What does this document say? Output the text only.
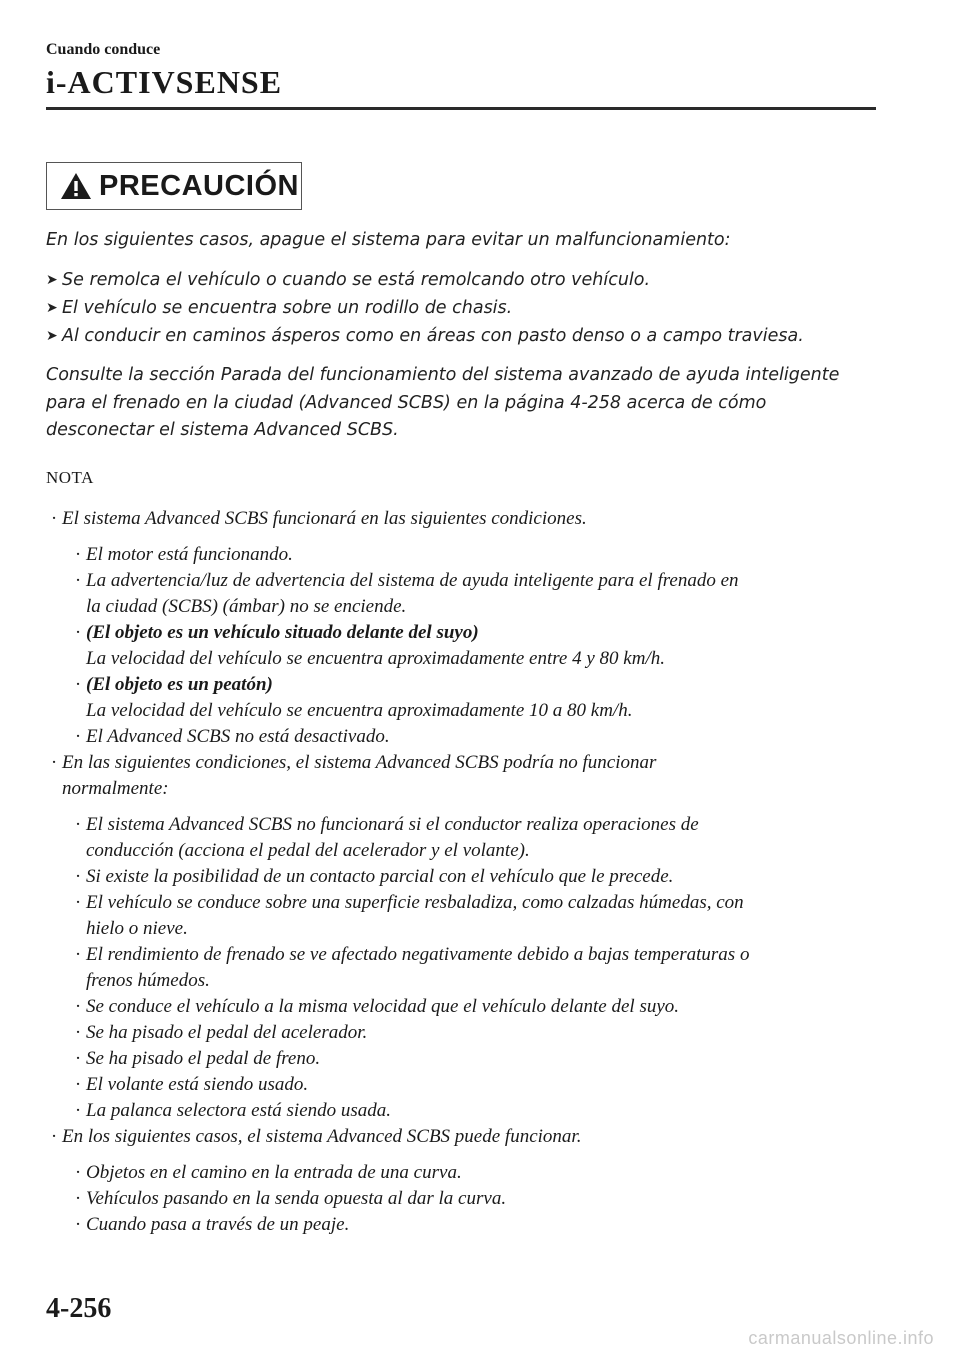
Cuando conduce
i-ACTIVSENSE
PRECAUCIÓN

En los siguientes casos, apague el sistema para evitar un malfuncionamiento:

➤ Se remolca el vehículo o cuando se está remolcando otro vehículo.
➤ El vehículo se encuentra sobre un rodillo de chasis.
➤ Al conducir en caminos ásperos como en áreas con pasto denso o a campo traviesa.

Consulte la sección Parada del funcionamiento del sistema avanzado de ayuda inteligente

para el frenado en la ciudad (Advanced SCBS) en la página 4-258 acerca de cómo

desconectar el sistema Advanced SCBS.

NOTA
· El sistema Advanced SCBS funcionará en las siguientes condiciones.
· El motor está funcionando.
· La advertencia/luz de advertencia del sistema de ayuda inteligente para el frenado en
la ciudad (SCBS) (ámbar) no se enciende.
· (El objeto es un vehículo situado delante del suyo)
La velocidad del vehículo se encuentra aproximadamente entre 4 y 80 km/h.
· (El objeto es un peatón)
La velocidad del vehículo se encuentra aproximadamente 10 a 80 km/h.
· El Advanced SCBS no está desactivado.
· En las siguientes condiciones, el sistema Advanced SCBS podría no funcionar
normalmente:
· El sistema Advanced SCBS no funcionará si el conductor realiza operaciones de
conducción (acciona el pedal del acelerador y el volante).
· Si existe la posibilidad de un contacto parcial con el vehículo que le precede.
· El vehículo se conduce sobre una superficie resbaladiza, como calzadas húmedas, con
hielo o nieve.
· El rendimiento de frenado se ve afectado negativamente debido a bajas temperaturas o
frenos húmedos.
· Se conduce el vehículo a la misma velocidad que el vehículo delante del suyo.
· Se ha pisado el pedal del acelerador.
· Se ha pisado el pedal de freno.
· El volante está siendo usado.
· La palanca selectora está siendo usada.
· En los siguientes casos, el sistema Advanced SCBS puede funcionar.
· Objetos en el camino en la entrada de una curva.
· Vehículos pasando en la senda opuesta al dar la curva.
· Cuando pasa a través de un peaje.
4-256
carmanualsonline.info
